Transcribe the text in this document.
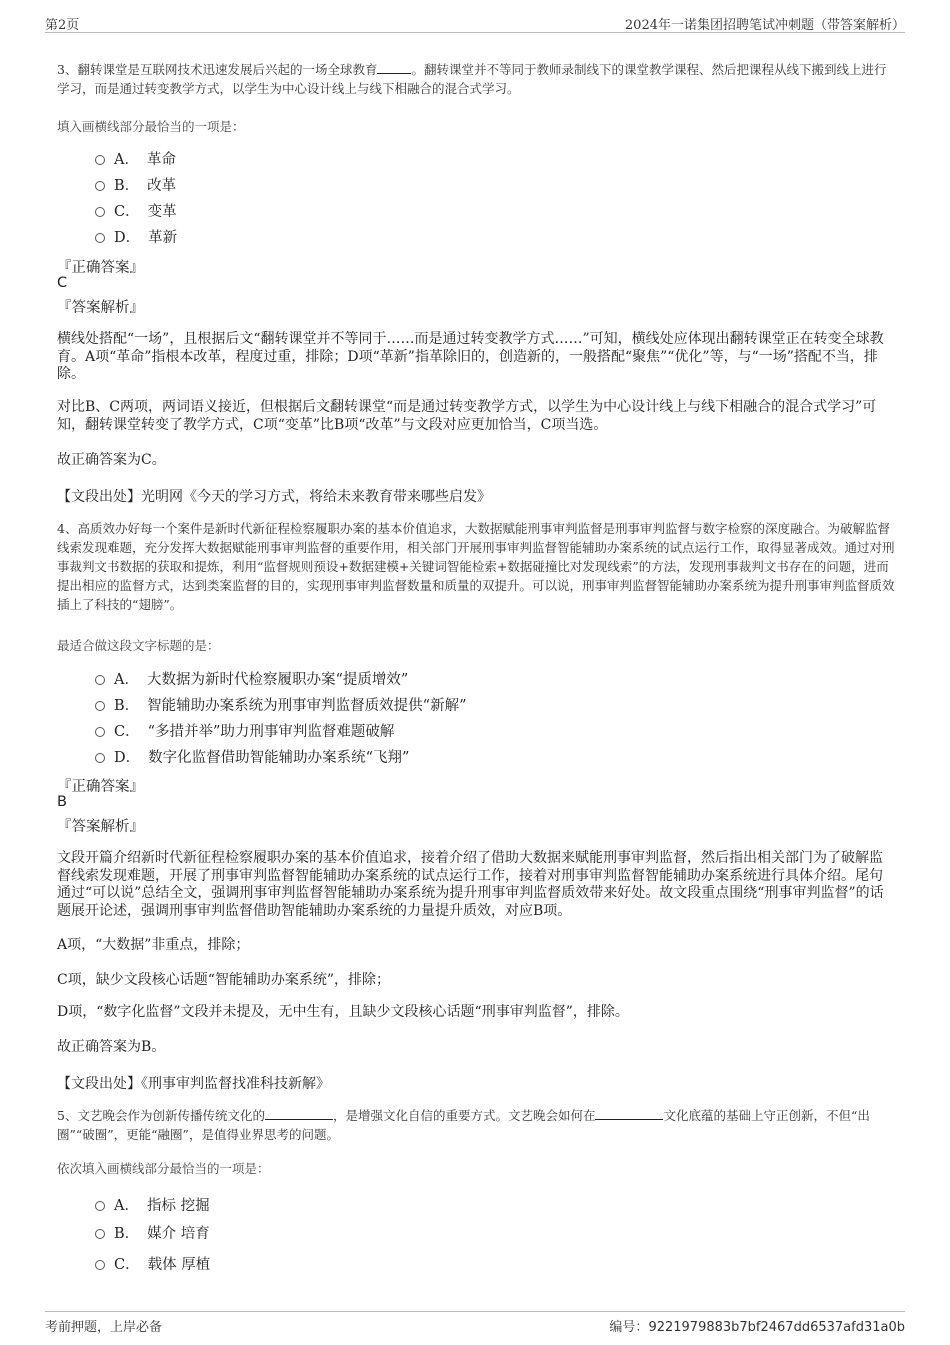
第2页	2024年一诺集团招聘笔试冲刺题（带答案解析）
3、翻转课堂是互联网技术迅速发展后兴起的一场全球教育	。翻转课堂并不等同于教师录制线下的课堂教学课程、然后把课程从线下搬到线上进行学习，而是通过转变教学方式，以学生为中心设计线上与线下相融合的混合式学习。
填入画横线部分最恰当的一项是：
A． 革命
B． 改革
C． 变革
D． 革新
『正确答案』
C
『答案解析』
横线处搭配“一场”，且根据后文“翻转课堂并不等同于……而是通过转变教学方式……”可知，横线处应体现出翻转课堂正在转变全球教育。A项“革命”指根本改革，程度过重，排除；D项“革新”指革除旧的，创造新的，一般搭配“聚焦”“优化”等，与“一场”搭配不当，排除。
对比B、C两项，两词语义接近，但根据后文翻转课堂“而是通过转变教学方式，以学生为中心设计线上与线下相融合的混合式学习”可知，翻转课堂转变了教学方式，C项“变革”比B项“改革”与文段对应更加恰当，C项当选。
故正确答案为C。
【文段出处】光明网《今天的学习方式，将给未来教育带来哪些启发》
4、高质效办好每一个案件是新时代新征程检察履职办案的基本价值追求，大数据赋能刑事审判监督是刑事审判监督与数字检察的深度融合。为破解监督线索发现难题，充分发挥大数据赋能刑事审判监督的重要作用，相关部门开展刑事审判监督智能辅助办案系统的试点运行工作，取得显著成效。通过对刑事裁判文书数据的获取和提炼，利用“监督规则预设+数据建模+关键词智能检索+数据碰撞比对发现线索”的方法，发现刑事裁判文书存在的问题，进而提出相应的监督方式，达到类案监督的目的，实现刑事审判监督数量和质量的双提升。可以说，刑事审判监督智能辅助办案系统为提升刑事审判监督质效插上了科技的“翅膀”。
最适合做这段文字标题的是：
A． 大数据为新时代检察履职办案“提质增效”
B． 智能辅助办案系统为刑事审判监督质效提供“新解”
C． “多措并举”助力刑事审判监督难题破解
D． 数字化监督借助智能辅助办案系统“飞翔”
『正确答案』
B
『答案解析』
文段开篇介绍新时代新征程检察履职办案的基本价值追求，接着介绍了借助大数据来赋能刑事审判监督，然后指出相关部门为了破解监督线索发现难题，开展了刑事审判监督智能辅助办案系统的试点运行工作，接着对刑事审判监督智能辅助办案系统进行具体介绍。尾句通过“可以说”总结全文，强调刑事审判监督智能辅助办案系统为提升刑事审判监督质效带来好处。故文段重点围绕“刑事审判监督”的话题展开论述，强调刑事审判监督借助智能辅助办案系统的力量提升质效，对应B项。
A项，“大数据”非重点，排除；
C项，缺少文段核心话题“智能辅助办案系统”，排除；
D项，“数字化监督”文段并未提及，无中生有，且缺少文段核心话题“刑事审判监督”，排除。
故正确答案为B。
【文段出处】《刑事审判监督找准科技新解》
5、文艺晚会作为创新传播传统文化的	，是增强文化自信的重要方式。文艺晚会如何在	文化底蕴的基础上守正创新，不但“出圈”“破圈”，更能“融圈”，是值得业界思考的问题。
依次填入画横线部分最恰当的一项是：
A． 指标 挖掘
B． 媒介 培育
C． 载体 厚植
考前押题，上岸必备	编号：9221979883b7bf2467dd6537afd31a0b
